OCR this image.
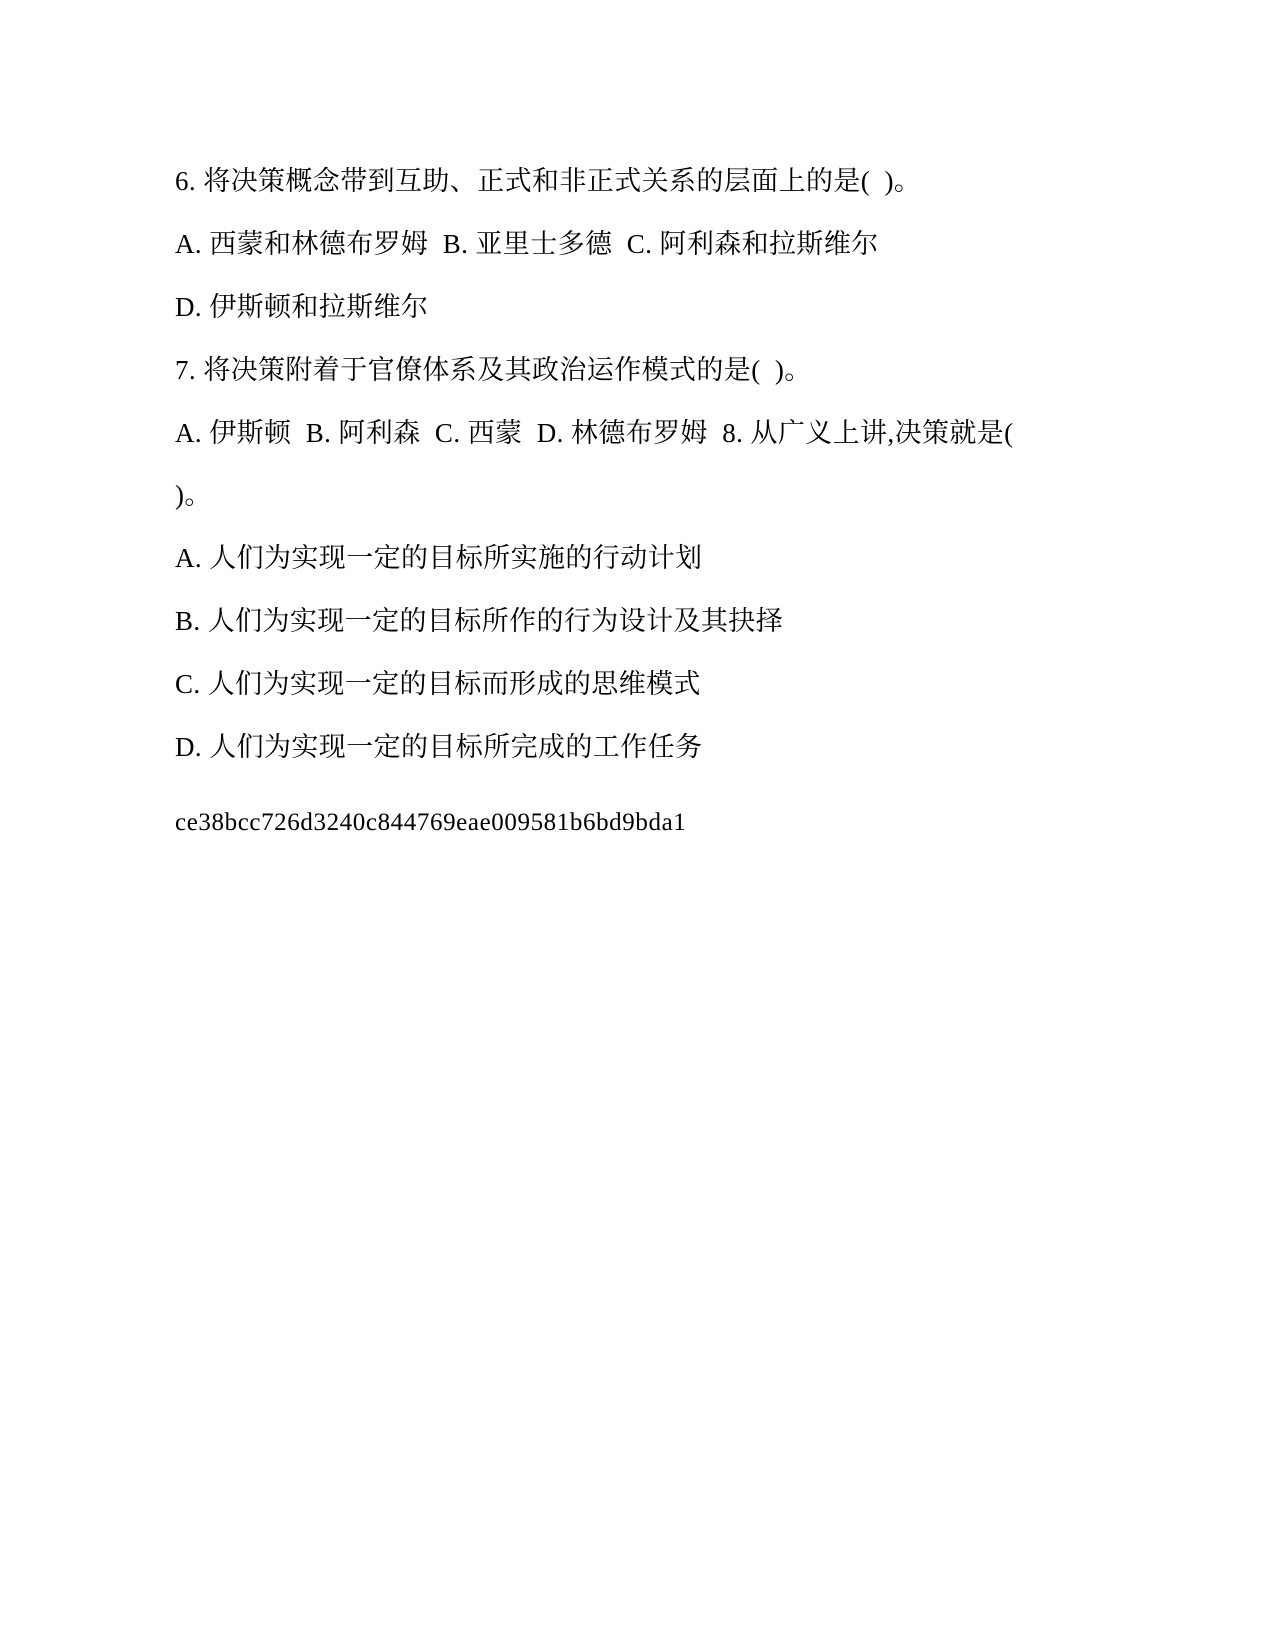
6. 将决策概念带到互助、正式和非正式关系的层面上的是(  )。

A. 西蒙和林德布罗姆  B. 亚里士多德  C. 阿利森和拉斯维尔

D. 伊斯顿和拉斯维尔

7. 将决策附着于官僚体系及其政治运作模式的是(  )。

A. 伊斯顿  B. 阿利森  C. 西蒙  D. 林德布罗姆  8. 从广义上讲,决策就是(  )。

A. 人们为实现一定的目标所实施的行动计划

B. 人们为实现一定的目标所作的行为设计及其抉择

C. 人们为实现一定的目标而形成的思维模式

D. 人们为实现一定的目标所完成的工作任务

ce38bcc726d3240c844769eae009581b6bd9bda1
